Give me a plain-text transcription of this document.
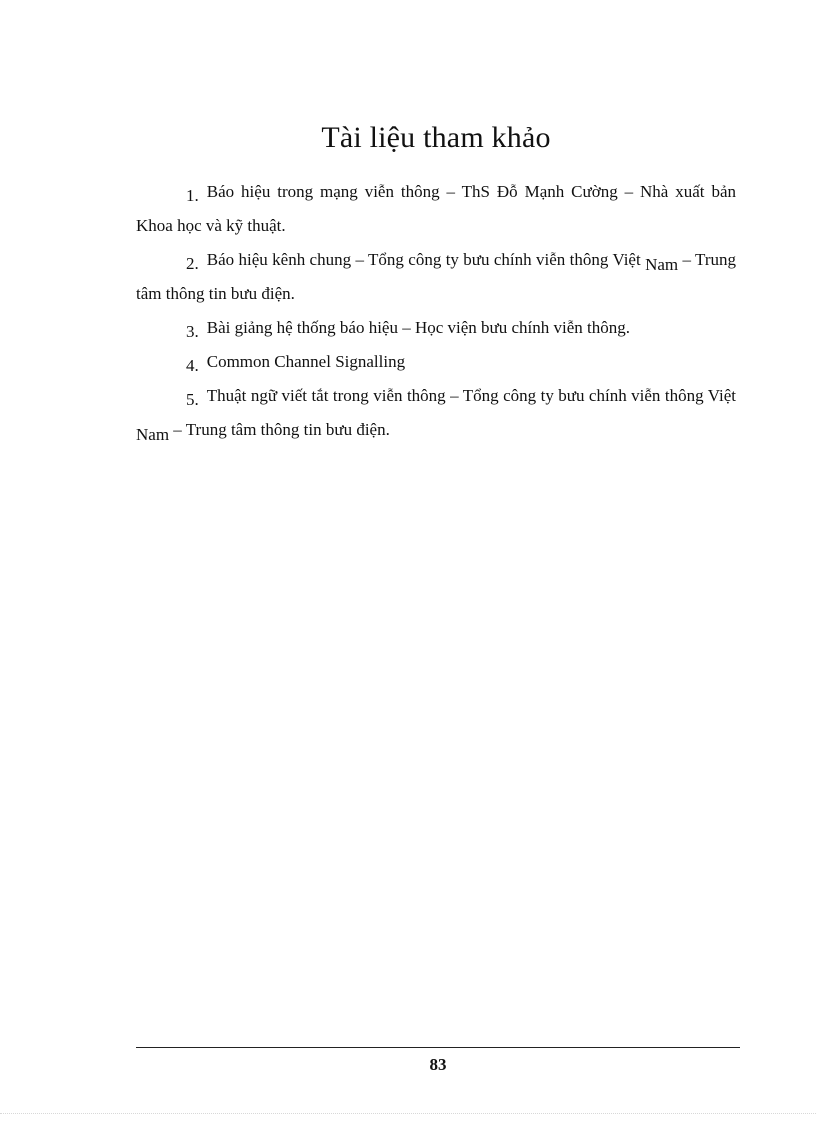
Tài liệu tham khảo
1. Báo hiệu trong mạng viễn thông – ThS Đỗ Mạnh Cường – Nhà xuất bản Khoa học và kỹ thuật.
2. Báo hiệu kênh chung – Tổng công ty bưu chính viễn thông Việt Nam – Trung tâm thông tin bưu điện.
3. Bài giảng hệ thống báo hiệu – Học viện bưu chính viễn thông.
4. Common Channel Signalling
5. Thuật ngữ viết tắt trong viễn thông – Tổng công ty bưu chính viễn thông Việt Nam – Trung tâm thông tin bưu điện.
83
